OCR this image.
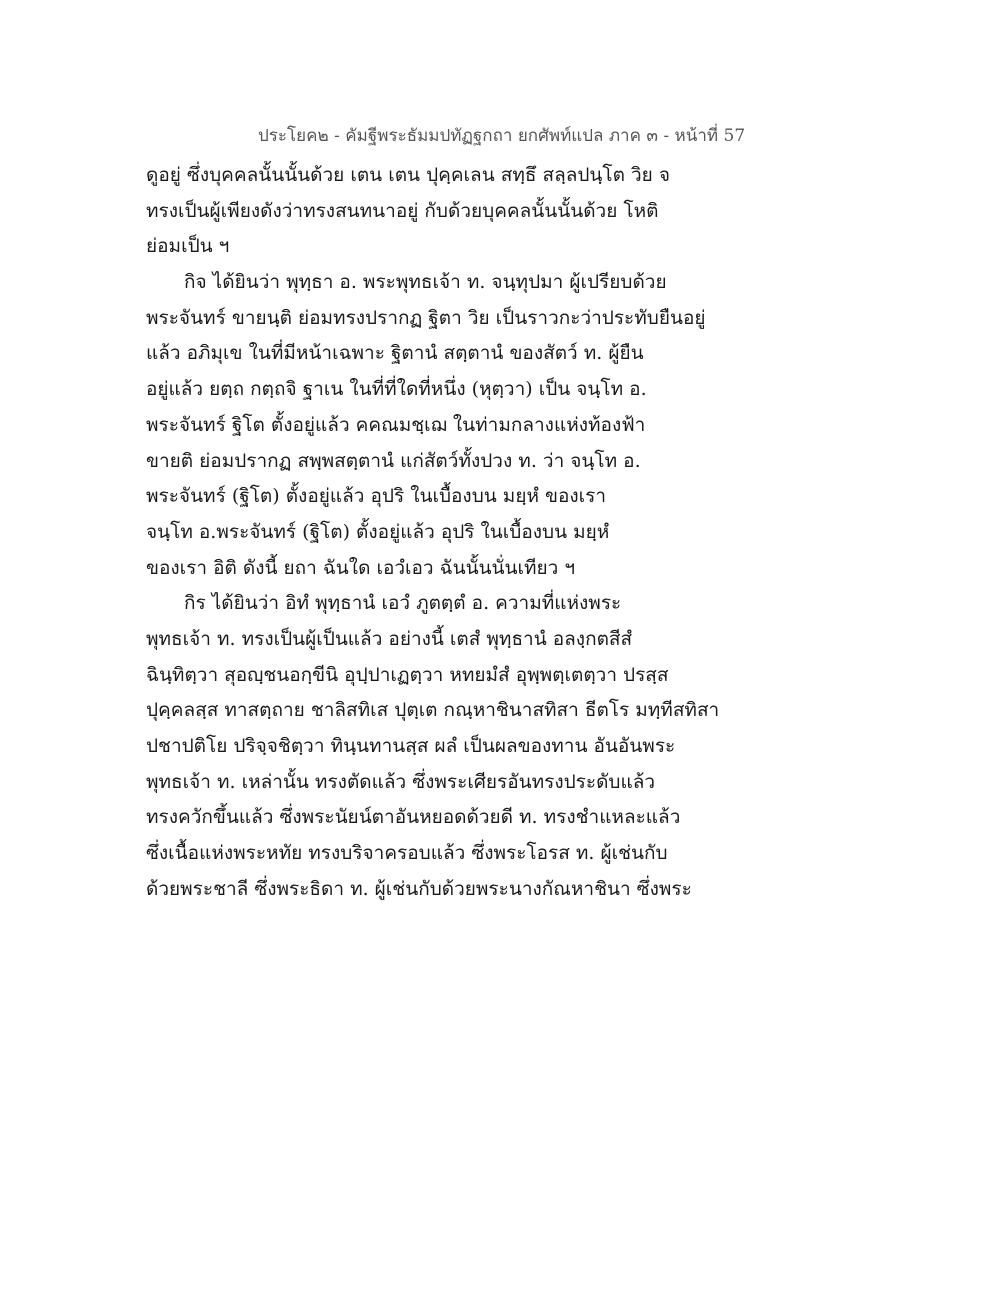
ประโยค๒ - คัมฐีพระธัมมปทัฏฐกถา ยกศัพท์แปล ภาค ๓ - หน้าที่ 57
ดูอยู่ ซึ่งบุคคลนั้นนั้นด้วย เตน เตน ปุคฺคเลน สทฺธึ สลฺลปนฺโต วิย จ
ทรงเป็นผู้เพียงดังว่าทรงสนทนาอยู่ กับด้วยบุคคลนั้นนั้นด้วย โหติ
ย่อมเป็น ฯ
กิจ ได้ยินว่า พุทฺธา อ. พระพุทธเจ้า ท. จนฺทุปมา ผู้เปรียบด้วย
พระจันทร์ ขายนฺติ ย่อมทรงปรากฏ ฐิตา วิย เป็นราวกะว่าประทับยืนอยู่
แล้ว อภิมุเข ในที่มีหน้าเฉพาะ ฐิตานํ สตฺตานํ ของสัตว์ ท. ผู้ยืน
อยู่แล้ว ยตฺถ กตฺถจิ ฐาเน ในที่ที่ใดที่หนึ่ง (หุตฺวา) เป็น จนฺโท อ.
พระจันทร์ ฐิโต ตั้งอยู่แล้ว คคณมชฺเฌ ในท่ามกลางแห่งท้องฟ้า
ขายติ ย่อมปรากฏ สพฺพสตฺตานํ แก่สัตว์ทั้งปวง ท. ว่า จนฺโท อ.
พระจันทร์ (ฐิโต) ตั้งอยู่แล้ว อุปริ ในเบื้องบน มยฺหํ ของเรา
จนฺโท อ.พระจันทร์ (ฐิโต) ตั้งอยู่แล้ว อุปริ ในเบื้องบน มยฺหํ
ของเรา อิติ ดังนี้ ยถา ฉันใด เอวํเอว ฉันนั้นนั่นเทียว ฯ
กิร ได้ยินว่า อิทํ พุทฺธานํ เอวํ ภูตตฺตํ อ. ความที่แห่งพระ
พุทธเจ้า ท. ทรงเป็นผู้เป็นแล้ว อย่างนี้ เตสํ พุทฺธานํ อลงฺกตสีสํ
ฉินฺทิตฺวา สุอญฺชนอกฺขีนิ อุปฺปาเฏตฺวา หทยมํสํ อุพฺพตฺเตตฺวา ปรสฺส
ปุคฺคลสฺส ทาสตฺถาย ชาลิสทิเส ปุตฺเต กณฺหาชินาสทิสา ธีตโร มทฺทีสทิสา
ปชาปติโย ปริจฺจชิตฺวา ทินฺนทานสฺส ผลํ เป็นผลของทาน อันอันพระ
พุทธเจ้า ท. เหล่านั้น ทรงตัดแล้ว ซึ่งพระเศียรอันทรงประดับแล้ว
ทรงควักขึ้นแล้ว ซึ่งพระนัยน์ตาอันหยอดด้วยดี ท. ทรงชำแหละแล้ว
ซึ่งเนื้อแห่งพระหทัย ทรงบริจาครอบแล้ว ซึ่งพระโอรส ท. ผู้เช่นกับ
ด้วยพระชาลี ซึ่งพระธิดา ท. ผู้เช่นกับด้วยพระนางกัณหาชินา ซึ่งพระ
